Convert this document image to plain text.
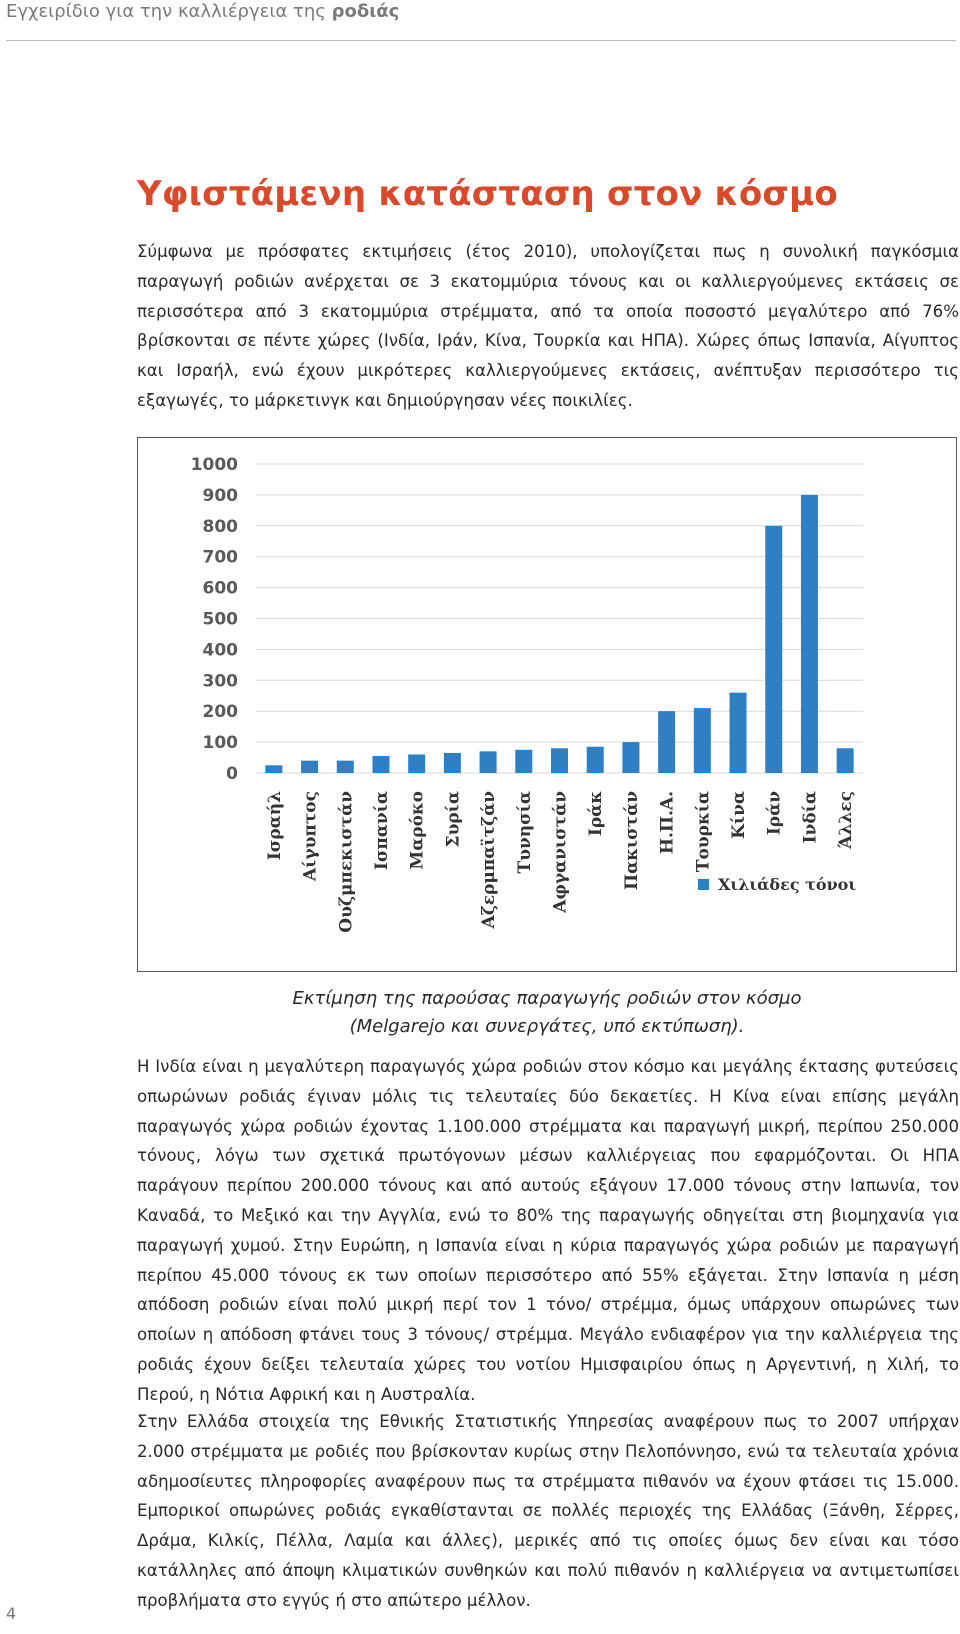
Εγχειρίδιο για την καλλιέργεια της ροδιάς
Υφιστάμενη κατάσταση στον κόσμο

Σύμφωνα με πρόσφατες εκτιμήσεις (έτος 2010), υπολογίζεται πως η συνολική παγκόσμια παραγωγή ροδιών ανέρχεται σε 3 εκατομμύρια τόνους και οι καλλιεργούμενες εκτάσεις σε περισσότερα από 3 εκατομμύρια στρέμματα, από τα οποία ποσοστό μεγαλύτερο από 76% βρίσκονται σε πέντε χώρες (Ινδία, Ιράν, Κίνα, Τουρκία και ΗΠΑ). Χώρες όπως Ισπανία, Αίγυπτος και Ισραήλ, ενώ έχουν μικρότερες καλλιεργούμενες εκτάσεις, ανέπτυξαν περισσότερο τις εξαγωγές, το μάρκετινγκ και δημιούργησαν νέες ποικιλίες.

0
100
200
300
400
500
600
700
800
900
1000
Ισραήλ Αίγυπτος Ουζμπεκιστάν Ισπανία Μαρόκο Συρία Αζερμπαϊτζάν Τυνησία Αφγανιστάν Ιράκ Πακιστάν Η.Π.Α. Τουρκία Κίνα Ιράν Ινδία Άλλες
Χιλιάδες τόνοι
Εκτίμηση της παρούσας παραγωγής ροδιών στον κόσμο
(Melgarejo και συνεργάτες, υπό εκτύπωση).

Η Ινδία είναι η μεγαλύτερη παραγωγός χώρα ροδιών στον κόσμο και μεγάλης έκτασης φυτεύσεις οπωρώνων ροδιάς έγιναν μόλις τις τελευταίες δύο δεκαετίες. Η Κίνα είναι επίσης μεγάλη παραγωγός χώρα ροδιών έχοντας 1.100.000 στρέμματα και παραγωγή μικρή, περίπου 250.000 τόνους, λόγω των σχετικά πρωτόγονων μέσων καλλιέργειας που εφαρμόζονται. Οι ΗΠΑ παράγουν περίπου 200.000 τόνους και από αυτούς εξάγουν 17.000 τόνους στην Ιαπωνία, τον Καναδά, το Μεξικό και την Αγγλία, ενώ το 80% της παραγωγής οδηγείται στη βιομηχανία για παραγωγή χυμού. Στην Ευρώπη, η Ισπανία είναι η κύρια παραγωγός χώρα ροδιών με παραγωγή περίπου 45.000 τόνους εκ των οποίων περισσότερο από 55% εξάγεται. Στην Ισπανία η μέση απόδοση ροδιών είναι πολύ μικρή περί τον 1 τόνο/ στρέμμα, όμως υπάρχουν οπωρώνες των οποίων η απόδοση φτάνει τους 3 τόνους/ στρέμμα. Μεγάλο ενδιαφέρον για την καλλιέργεια της ροδιάς έχουν δείξει τελευταία χώρες του νοτίου Ημισφαιρίου όπως η Αργεντινή, η Χιλή, το Περού, η Νότια Αφρική και η Αυστραλία.

Στην Ελλάδα στοιχεία της Εθνικής Στατιστικής Υπηρεσίας αναφέρουν πως το 2007 υπήρχαν 2.000 στρέμματα με ροδιές που βρίσκονταν κυρίως στην Πελοπόννησο, ενώ τα τελευταία χρόνια αδημοσίευτες πληροφορίες αναφέρουν πως τα στρέμματα πιθανόν να έχουν φτάσει τις 15.000. Εμπορικοί οπωρώνες ροδιάς εγκαθίστανται σε πολλές περιοχές της Ελλάδας (Ξάνθη, Σέρρες, Δράμα, Κιλκίς, Πέλλα, Λαμία και άλλες), μερικές από τις οποίες όμως δεν είναι και τόσο κατάλληλες από άποψη κλιματικών συνθηκών και πολύ πιθανόν η καλλιέργεια να αντιμετωπίσει προβλήματα στο εγγύς ή στο απώτερο μέλλον.

4
